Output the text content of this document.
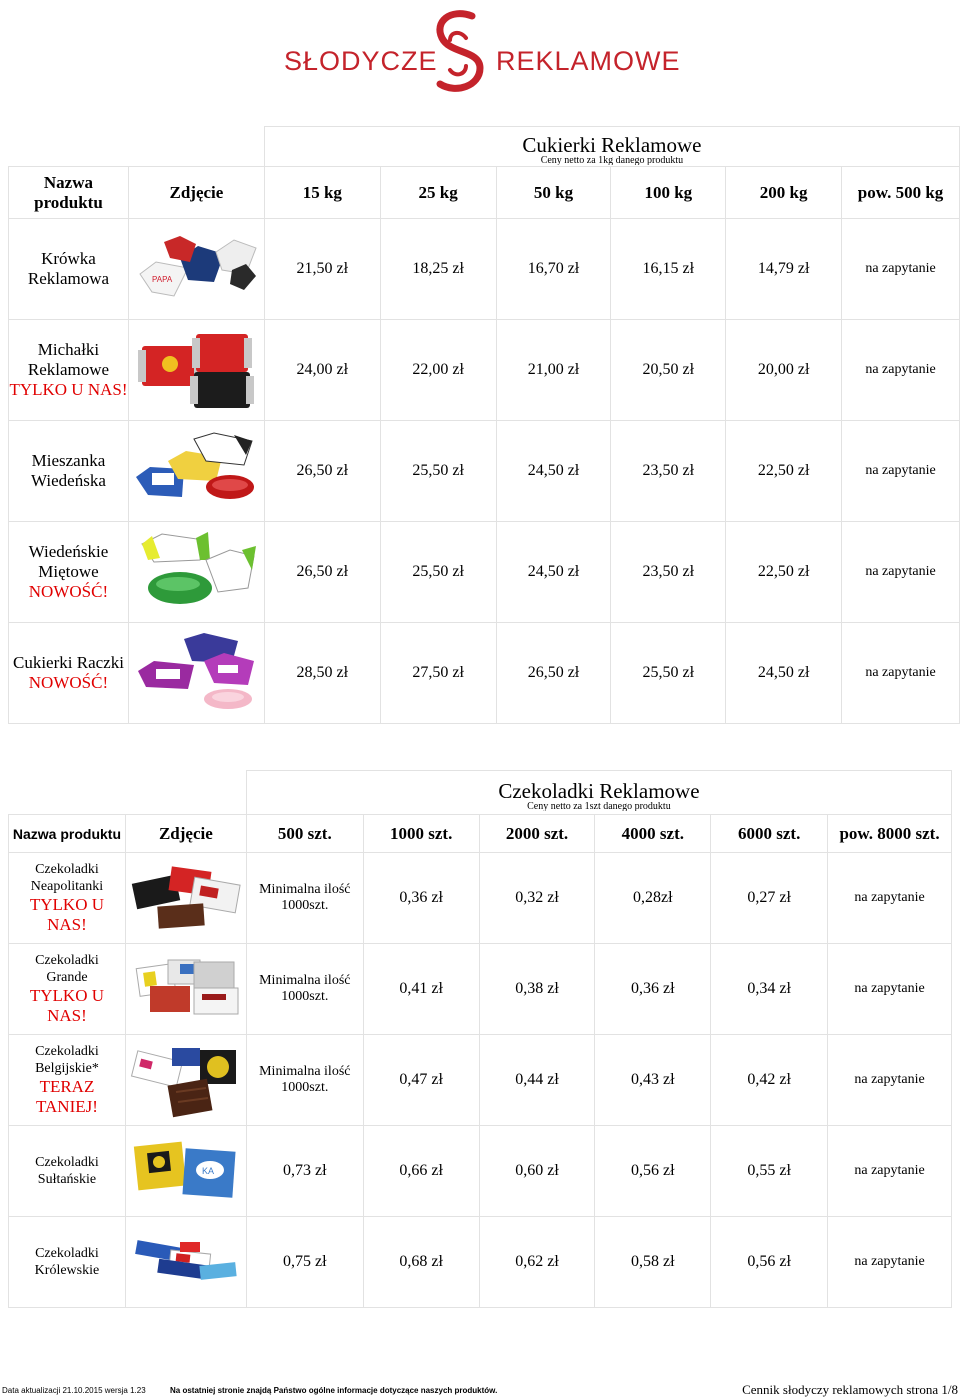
SŁODYCZE REKLAMOWE

		Cukierki Reklamowe
Ceny netto za 1kg danego produktu					

Nazwa produktu	Zdjęcie	15 kg	25 kg	50 kg	100 kg	200 kg	pow. 500 kg
Krówka Reklamowa	PAPA	21,50 zł	18,25 zł	16,70 zł	16,15 zł	14,79 zł	na zapytanie
Michałki Reklamowe
TYLKO U NAS!		24,00 zł	22,00 zł	21,00 zł	20,50 zł	20,00 zł	na zapytanie
Mieszanka Wiedeńska		26,50 zł	25,50 zł	24,50 zł	23,50 zł	22,50 zł	na zapytanie
Wiedeńskie Miętowe
NOWOŚĆ!		26,50 zł	25,50 zł	24,50 zł	23,50 zł	22,50 zł	na zapytanie
Cukierki Raczki
NOWOŚĆ!		28,50 zł	27,50 zł	26,50 zł	25,50 zł	24,50 zł	na zapytanie

		Czekoladki Reklamowe
Ceny netto za 1szt danego produktu					

Nazwa produktu	Zdjęcie	500 szt.	1000 szt.	2000 szt.	4000 szt.	6000 szt.	pow. 8000 szt.
Czekoladki
Neapolitanki
TYLKO U NAS!		Minimalna ilość 1000szt.	0,36 zł	0,32 zł	0,28zł	0,27 zł	na zapytanie
Czekoladki
Grande
TYLKO U NAS!		Minimalna ilość 1000szt.	0,41 zł	0,38 zł	0,36 zł	0,34 zł	na zapytanie
Czekoladki
Belgijskie*
TERAZ TANIEJ!		Minimalna ilość 1000szt.	0,47 zł	0,44 zł	0,43 zł	0,42 zł	na zapytanie
Czekoladki
Sułtańskie	KA	0,73 zł	0,66 zł	0,60 zł	0,56 zł	0,55 zł	na zapytanie
Czekoladki
Królewskie		0,75 zł	0,68 zł	0,62 zł	0,58 zł	0,56 zł	na zapytanie
Data aktualizacji 21.10.2015 wersja 1.23	Na ostatniej stronie znajdą Państwo ogólne informacje dotyczące naszych produktów.	Cennik słodyczy reklamowych strona 1/8
